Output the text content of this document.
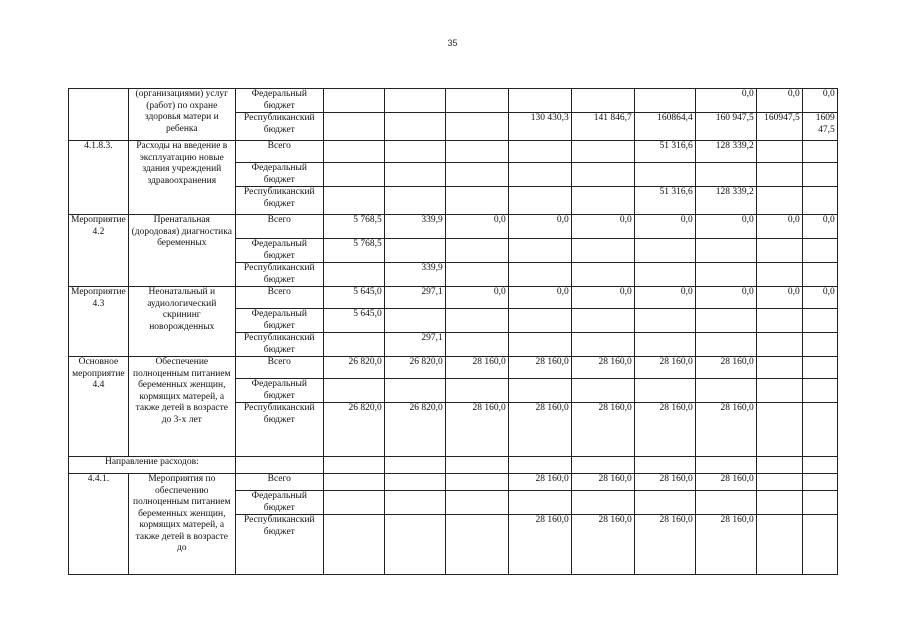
35
	(организациями) услуг (работ) по охране здоровья матери и ребенка	Федеральный бюджет							0,0	0,0	0,0
		Республиканский бюджет				130 430,3	141 846,7	160864,4	160 947,5	160947,5	1609 47,5
4.1.8.3.	Расходы на введение в эксплуатацию новые здания учреждений здравоохранения	Всего						51 316,6	128 339,2		
		Федеральный бюджет									
		Республиканский бюджет						51 316,6	128 339,2		
Мероприятие 4.2	Пренатальная (дородовая) диагностика беременных	Всего	5 768,5	339,9	0,0	0,0	0,0	0,0	0,0	0,0	0,0
		Федеральный бюджет	5 768,5								
		Республиканский бюджет		339,9							
Мероприятие 4.3	Неонатальный и аудиологический скрининг новорожденных	Всего	5 645,0	297,1	0,0	0,0	0,0	0,0	0,0	0,0	0,0
		Федеральный бюджет	5 645,0								
		Республиканский бюджет		297,1							
Основное мероприятие 4.4	Обеспечение полноценным питанием беременных женщин, кормящих матерей, а также детей в возрасте до 3-х лет	Всего	26 820,0	26 820,0	28 160,0	28 160,0	28 160,0	28 160,0	28 160,0		
		Федеральный бюджет									
		Республиканский бюджет	26 820,0	26 820,0	28 160,0	28 160,0	28 160,0	28 160,0	28 160,0		
Направление расходов:											
4.4.1.	Мероприятия по обеспечению полноценным питанием беременных женщин, кормящих матерей, а также детей в возрасте до	Всего				28 160,0	28 160,0	28 160,0	28 160,0		
		Федеральный бюджет									
		Республиканский бюджет				28 160,0	28 160,0	28 160,0	28 160,0		
